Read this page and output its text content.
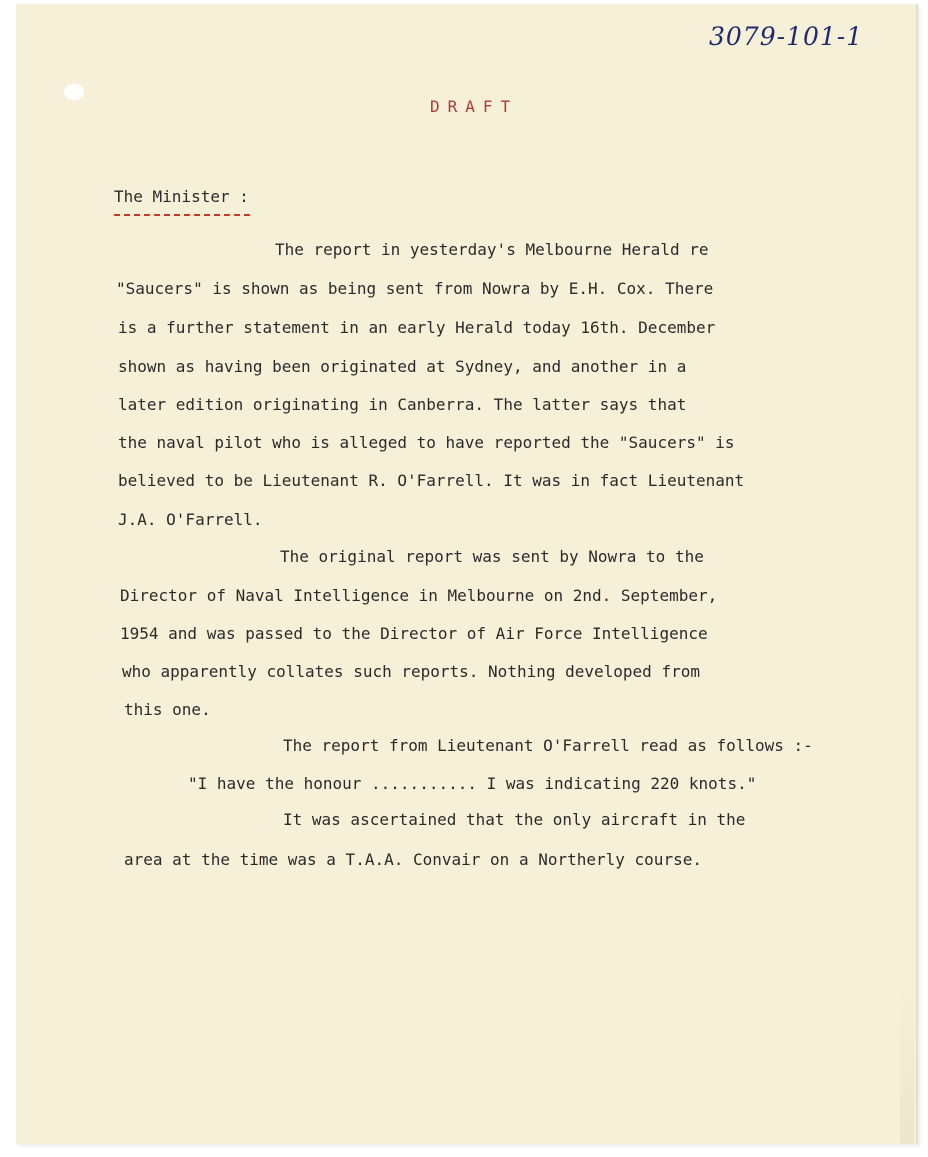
3079-101-1
DRAFT
The Minister :
The report in yesterday's Melbourne Herald re
"Saucers" is shown as being sent from Nowra by E.H. Cox. There
is a further statement in an early Herald today 16th. December
shown as having been originated at Sydney, and another in a
later edition originating in Canberra. The latter says that
the naval pilot who is alleged to have reported the "Saucers" is
believed to be Lieutenant R. O'Farrell. It was in fact Lieutenant
J.A. O'Farrell.
The original report was sent by Nowra to the
Director of Naval Intelligence in Melbourne on 2nd. September,
1954 and was passed to the Director of Air Force Intelligence
who apparently collates such reports. Nothing developed from
this one.
The report from Lieutenant O'Farrell read as follows :-
"I have the honour ........... I was indicating 220 knots."
It was ascertained that the only aircraft in the
area at the time was a T.A.A. Convair on a Northerly course.
